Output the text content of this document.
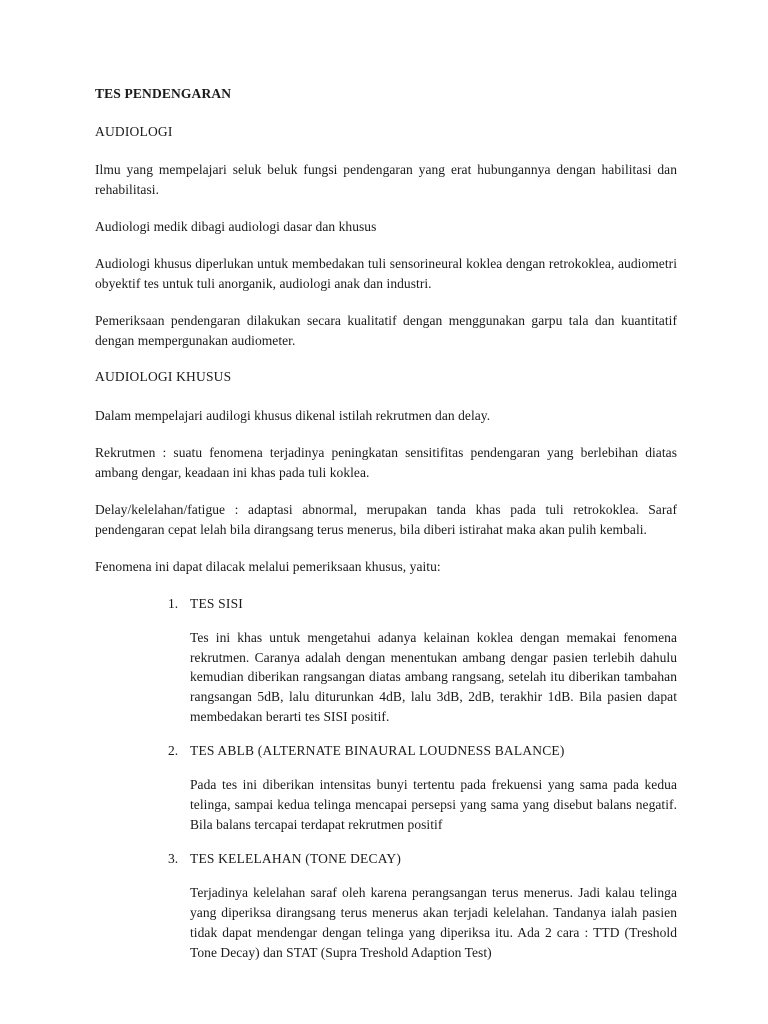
TES PENDENGARAN
AUDIOLOGI

Ilmu yang mempelajari seluk beluk fungsi pendengaran yang erat hubungannya dengan habilitasi dan rehabilitasi.

Audiologi medik dibagi audiologi dasar dan khusus

Audiologi khusus diperlukan untuk membedakan tuli sensorineural koklea dengan retrokoklea, audiometri obyektif tes untuk tuli anorganik, audiologi anak dan industri.

Pemeriksaan pendengaran dilakukan secara kualitatif dengan menggunakan garpu tala dan kuantitatif dengan mempergunakan audiometer.

AUDIOLOGI KHUSUS

Dalam mempelajari audilogi khusus dikenal istilah rekrutmen dan delay.

Rekrutmen : suatu fenomena terjadinya peningkatan sensitifitas pendengaran yang berlebihan diatas ambang dengar, keadaan ini khas pada tuli koklea.

Delay/kelelahan/fatigue : adaptasi abnormal, merupakan tanda khas pada tuli retrokoklea. Saraf pendengaran cepat lelah bila dirangsang terus menerus, bila diberi istirahat maka akan pulih kembali.

Fenomena ini dapat dilacak melalui pemeriksaan khusus, yaitu:

1. TES SISI

Tes ini khas untuk mengetahui adanya kelainan koklea dengan memakai fenomena rekrutmen. Caranya adalah dengan menentukan ambang dengar pasien terlebih dahulu kemudian diberikan rangsangan diatas ambang rangsang, setelah itu diberikan tambahan rangsangan 5dB, lalu diturunkan 4dB, lalu 3dB, 2dB, terakhir 1dB. Bila pasien dapat membedakan berarti tes SISI positif.

2. TES ABLB (ALTERNATE BINAURAL LOUDNESS BALANCE)

Pada tes ini diberikan intensitas bunyi tertentu pada frekuensi yang sama pada kedua telinga, sampai kedua telinga mencapai persepsi yang sama yang disebut balans negatif. Bila balans tercapai terdapat rekrutmen positif

3. TES KELELAHAN (TONE DECAY)

Terjadinya kelelahan saraf oleh karena perangsangan terus menerus. Jadi kalau telinga yang diperiksa dirangsang terus menerus akan terjadi kelelahan. Tandanya ialah pasien tidak dapat mendengar dengan telinga yang diperiksa itu. Ada 2 cara : TTD (Treshold Tone Decay) dan STAT (Supra Treshold Adaption Test)
